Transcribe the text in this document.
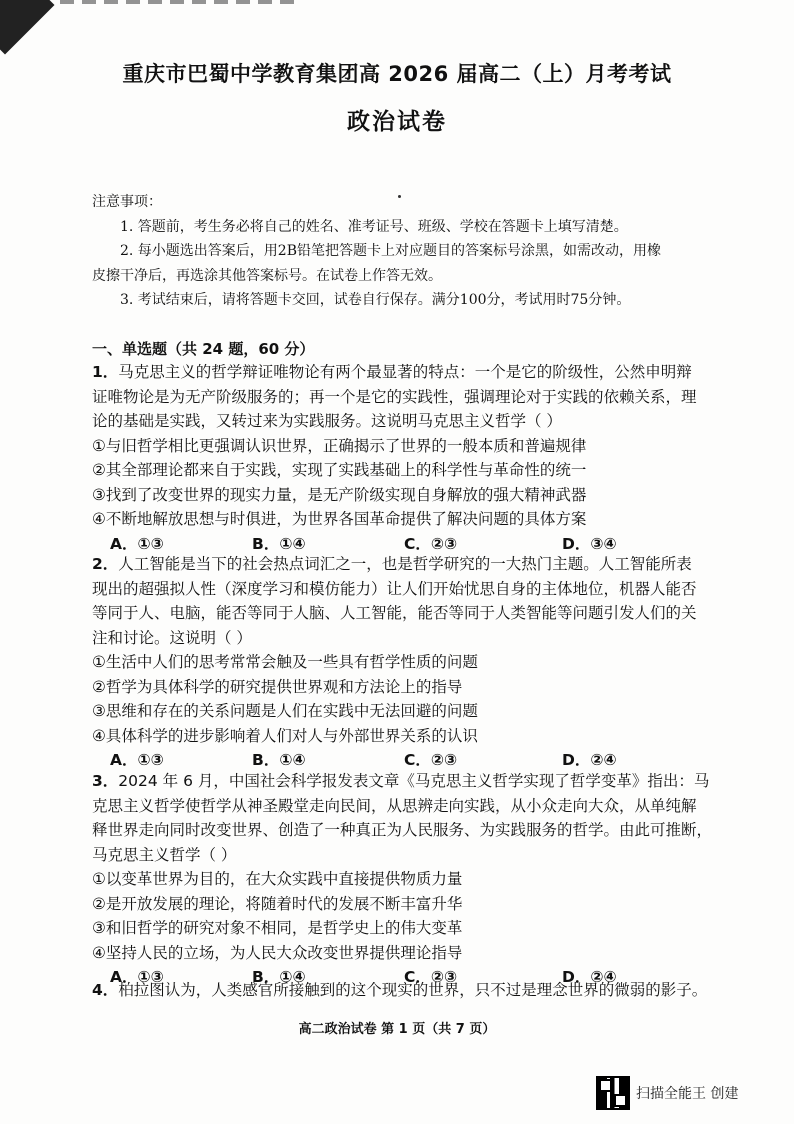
重庆市巴蜀中学教育集团高 2026 届高二（上）月考考试
政治试卷
注意事项：
1. 答题前，考生务必将自己的姓名、准考证号、班级、学校在答题卡上填写清楚。
2. 每小题选出答案后，用2B铅笔把答题卡上对应题目的答案标号涂黑，如需改动，用橡
皮擦干净后，再选涂其他答案标号。在试卷上作答无效。
3. 考试结束后，请将答题卡交回，试卷自行保存。满分100分，考试用时75分钟。
一、单选题（共 24 题，60 分）
1．马克思主义的哲学辩证唯物论有两个最显著的特点：一个是它的阶级性，公然申明辩
证唯物论是为无产阶级服务的；再一个是它的实践性，强调理论对于实践的依赖关系，理
论的基础是实践，又转过来为实践服务。这说明马克思主义哲学（ ）
①与旧哲学相比更强调认识世界，正确揭示了世界的一般本质和普遍规律
②其全部理论都来自于实践，实现了实践基础上的科学性与革命性的统一
③找到了改变世界的现实力量，是无产阶级实现自身解放的强大精神武器
④不断地解放思想与时俱进，为世界各国革命提供了解决问题的具体方案
A．①③	B．①④	C．②③	D．③④
2．人工智能是当下的社会热点词汇之一，也是哲学研究的一大热门主题。人工智能所表
现出的超强拟人性（深度学习和模仿能力）让人们开始忧思自身的主体地位，机器人能否
等同于人、电脑，能否等同于人脑、人工智能，能否等同于人类智能等问题引发人们的关
注和讨论。这说明（ ）
①生活中人们的思考常常会触及一些具有哲学性质的问题
②哲学为具体科学的研究提供世界观和方法论上的指导
③思维和存在的关系问题是人们在实践中无法回避的问题
④具体科学的进步影响着人们对人与外部世界关系的认识
A．①③	B．①④	C．②③	D．②④
3．2024 年 6 月，中国社会科学报发表文章《马克思主义哲学实现了哲学变革》指出：马
克思主义哲学使哲学从神圣殿堂走向民间，从思辨走向实践，从小众走向大众，从单纯解
释世界走向同时改变世界、创造了一种真正为人民服务、为实践服务的哲学。由此可推断，
马克思主义哲学（ ）
①以变革世界为目的，在大众实践中直接提供物质力量
②是开放发展的理论，将随着时代的发展不断丰富升华
③和旧哲学的研究对象不相同，是哲学史上的伟大变革
④坚持人民的立场，为人民大众改变世界提供理论指导
A．①③	B．①④	C．②③	D．②④
4．柏拉图认为，人类感官所接触到的这个现实的世界，只不过是理念世界的微弱的影子。
高二政治试卷 第 1 页（共 7 页）
扫描全能王 创建
